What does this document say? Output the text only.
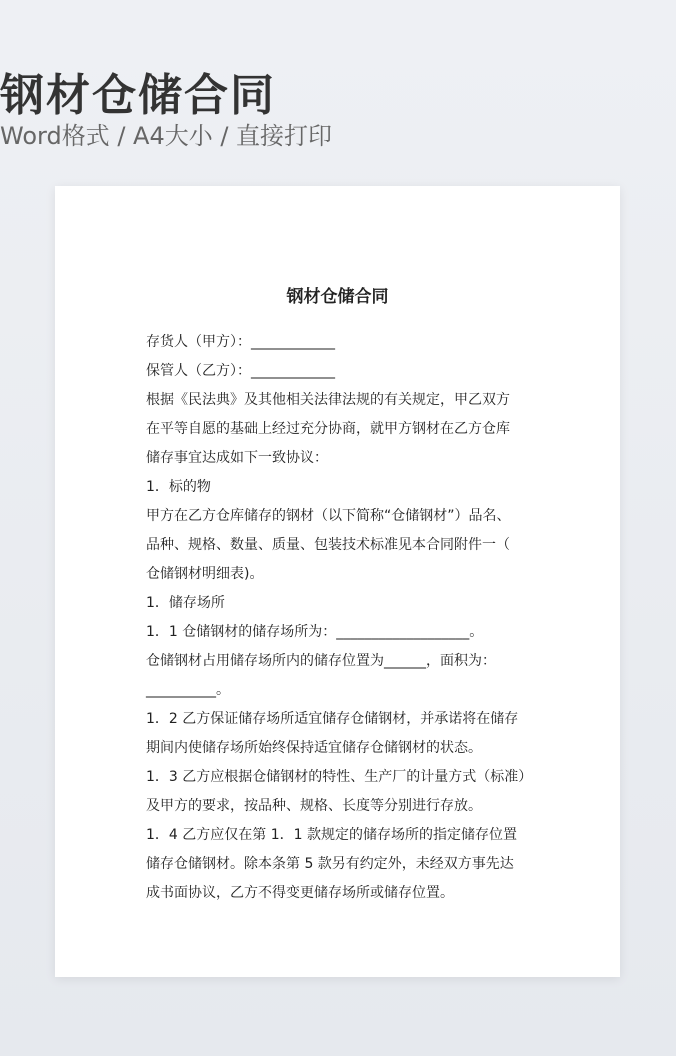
钢材仓储合同
Word格式 / A4大小 / 直接打印
钢材仓储合同
存货人（甲方）：____________
保管人（乙方）：____________
根据《民法典》及其他相关法律法规的有关规定，甲乙双方
在平等自愿的基础上经过充分协商，就甲方钢材在乙方仓库
储存事宜达成如下一致协议：
1．标的物
甲方在乙方仓库储存的钢材（以下简称“仓储钢材”）品名、
品种、规格、数量、质量、包装技术标准见本合同附件一（
仓储钢材明细表)。
1．储存场所
1．1 仓储钢材的储存场所为：___________________。
仓储钢材占用储存场所内的储存位置为______，面积为：
__________。
1．2 乙方保证储存场所适宜储存仓储钢材，并承诺将在储存
期间内使储存场所始终保持适宜储存仓储钢材的状态。
1．3 乙方应根据仓储钢材的特性、生产厂的计量方式（标准）
及甲方的要求，按品种、规格、长度等分别进行存放。
1．4 乙方应仅在第 1．1 款规定的储存场所的指定储存位置
储存仓储钢材。除本条第 5 款另有约定外，未经双方事先达
成书面协议，乙方不得变更储存场所或储存位置。
